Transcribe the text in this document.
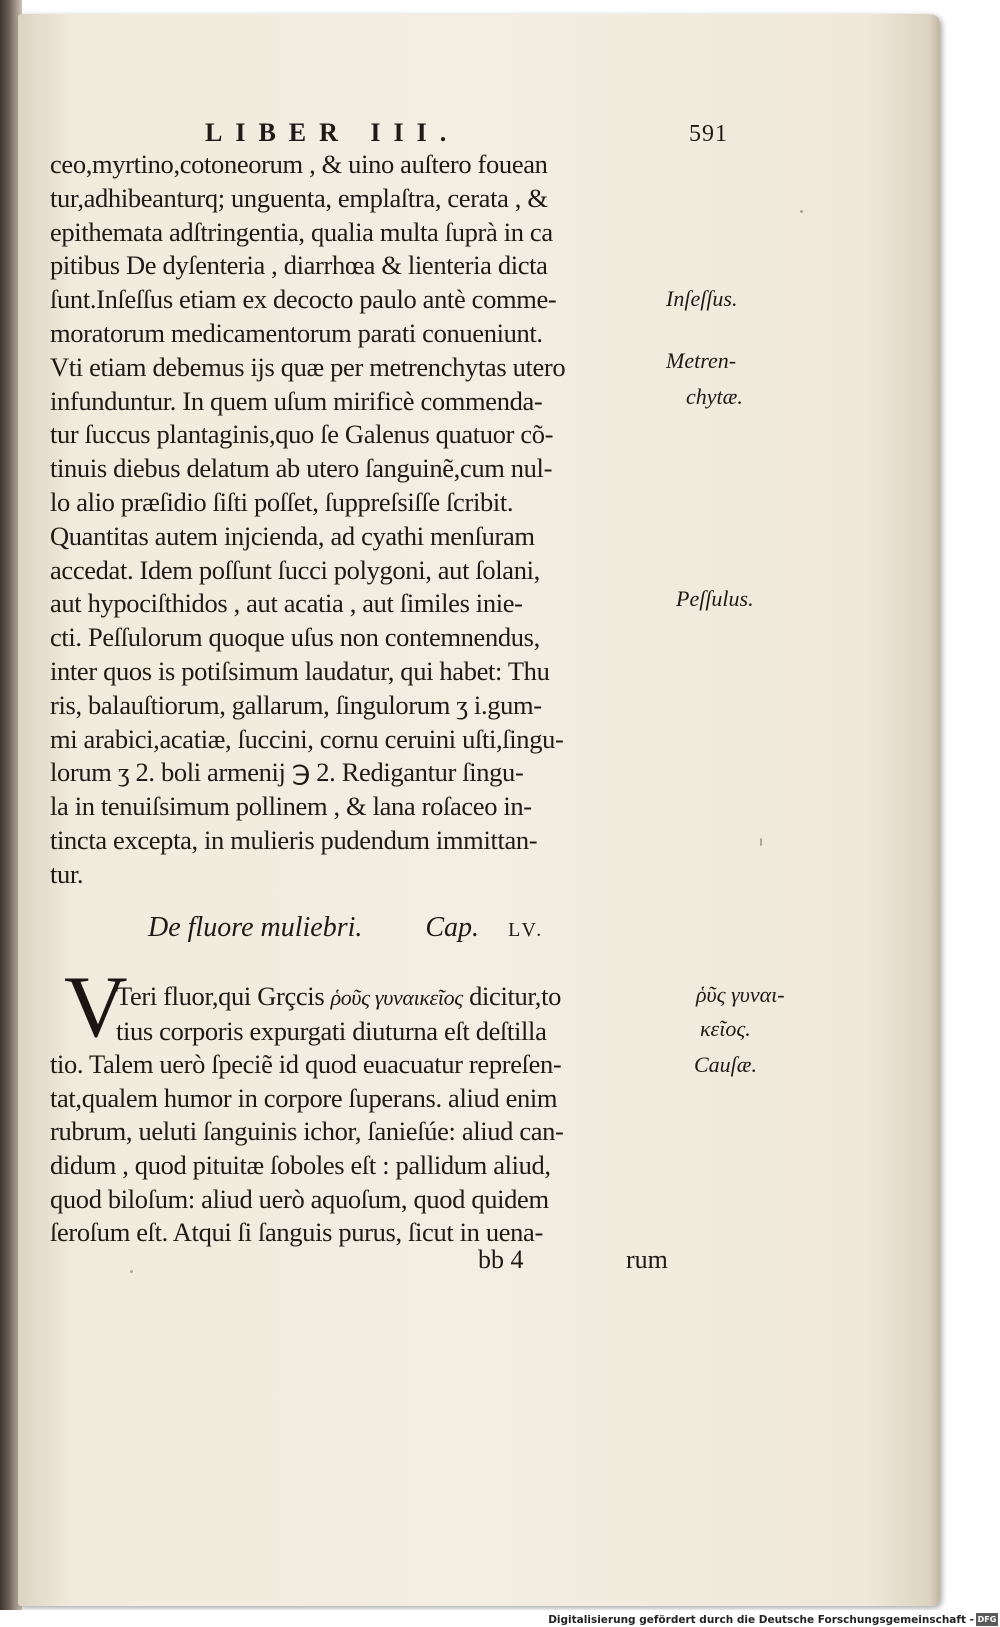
LIBER III.	591
ceo,myrtino,cotoneorum , & uino auſtero fouean
tur,adhibeanturq; unguenta, emplaſtra, cerata , &
epithemata adſtringentia, qualia multa ſuprà in ca
pitibus De dyſenteria , diarrhœa & lienteria dicta
ſunt.Inſeſſus etiam ex decocto paulo antè comme-
moratorum medicamentorum parati conueniunt.
Vti etiam debemus ijs quæ per metrenchytas utero
infunduntur. In quem uſum mirificè commenda-
tur ſuccus plantaginis,quo ſe Galenus quatuor cõ-
tinuis diebus delatum ab utero ſanguinẽ,cum nul-
lo alio præſidio ſiſti poſſet, ſuppreſsiſſe ſcribit.
Quantitas autem injcienda, ad cyathi menſuram
accedat. Idem poſſunt ſucci polygoni, aut ſolani,
aut hypociſthidos , aut acatia , aut ſimiles inie-
cti. Peſſulorum quoque uſus non contemnendus,
inter quos is potiſsimum laudatur, qui habet: Thu
ris, balauſtiorum, gallarum, ſingulorum ʒ i.gum-
mi arabici,acatiæ, ſuccini, cornu ceruini uſti,ſingu-
lorum ʒ 2. boli armenij ℈ 2. Redigantur ſingu-
la in tenuiſsimum pollinem , & lana roſaceo in-
tincta excepta, in mulieris pudendum immittan-
tur.
Inſeſſus.
Metren-
chytæ.
Peſſulus.
De fluore muliebri. Cap. LV.
V
Teri fluor,qui Grçcis ῥοῦς γυναικεῖος dicitur,to
tius corporis expurgati diuturna eſt deſtilla
tio. Talem uerò ſpeciẽ id quod euacuatur repreſen-
tat,qualem humor in corpore ſuperans. aliud enim
rubrum, ueluti ſanguinis ichor, ſanieſúe: aliud can-
didum , quod pituitæ ſoboles eſt : pallidum aliud,
quod biloſum: aliud uerò aquoſum, quod quidem
ſeroſum eſt. Atqui ſi ſanguis purus, ſicut in uena-
ῥῦς γυναι-
κεῖος.
Cauſæ.
bb 4	rum
Digitalisierung gefördert durch die Deutsche Forschungsgemeinschaft - DFG
